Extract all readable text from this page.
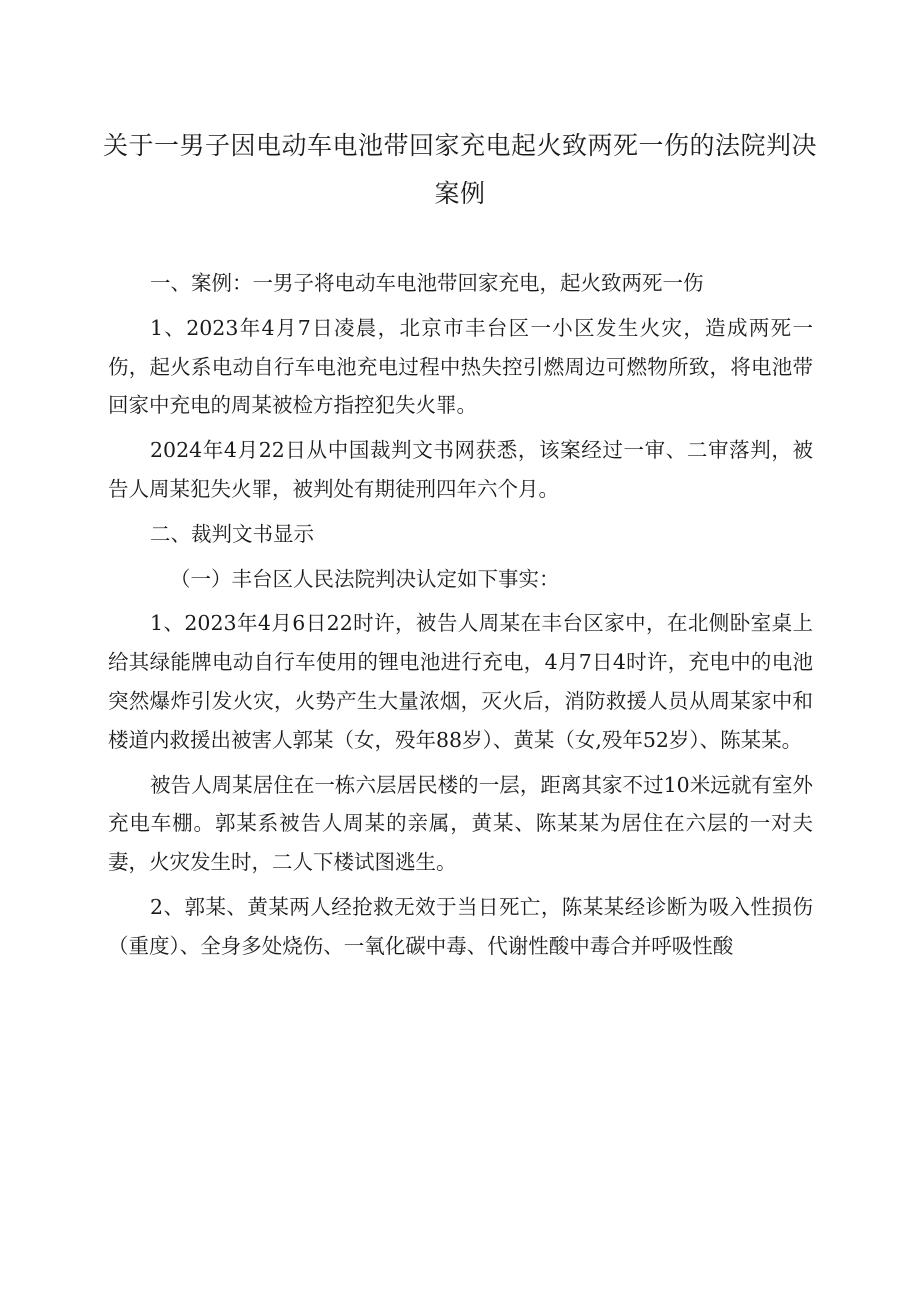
关于一男子因电动车电池带回家充电起火致两死一伤的法院判决案例

一、案例：一男子将电动车电池带回家充电，起火致两死一伤

1、2023年4月7日凌晨，北京市丰台区一小区发生火灾，造成两死一伤，起火系电动自行车电池充电过程中热失控引燃周边可燃物所致，将电池带回家中充电的周某被检方指控犯失火罪。

2024年4月22日从中国裁判文书网获悉，该案经过一审、二审落判，被告人周某犯失火罪，被判处有期徒刑四年六个月。

二、裁判文书显示

（一）丰台区人民法院判决认定如下事实：

1、2023年4月6日22时许，被告人周某在丰台区家中，在北侧卧室桌上给其绿能牌电动自行车使用的锂电池进行充电，4月7日4时许，充电中的电池突然爆炸引发火灾，火势产生大量浓烟，灭火后，消防救援人员从周某家中和楼道内救援出被害人郭某（女，殁年88岁）、黄某（女,殁年52岁）、陈某某。

被告人周某居住在一栋六层居民楼的一层，距离其家不过10米远就有室外充电车棚。郭某系被告人周某的亲属，黄某、陈某某为居住在六层的一对夫妻，火灾发生时，二人下楼试图逃生。

2、郭某、黄某两人经抢救无效于当日死亡，陈某某经诊断为吸入性损伤（重度）、全身多处烧伤、一氧化碳中毒、代谢性酸中毒合并呼吸性酸
